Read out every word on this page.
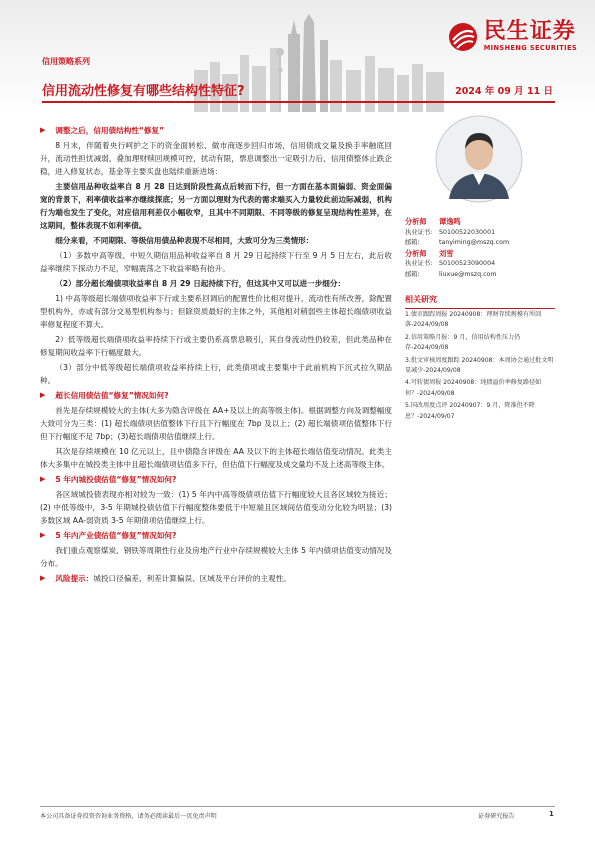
民生证券
MINSHENG SECURITIES
信用策略系列
信用流动性修复有哪些结构性特征?	2024 年 09 月 11 日
▶ 调整之后，信用债结构性“修复”

8 月末，伴随着央行呵护之下的资金面转松、做市商逐步回归市场，信用债成交量及换手率触底回升，流动性担忧减弱，叠加理财赎回规模可控，扰动有限，票息调整出一定吸引力后，信用债整体止跌企稳，进入修复状态，基金等主要买盘也陆续重新进场：

主要信用品种收益率自 8 月 28 日达到阶段性高点后转而下行，但一方面在基本面偏弱、资金面偏宽的背景下，利率债收益率亦继续探底；另一方面以理财为代表的需求端买入力量较此前边际减弱，机构行为端也发生了变化，对应信用利差仅小幅收窄，且其中不同期限、不同等级的修复呈现结构性差异，在这期间，整体表现不如利率债。

细分来看，不同期限、等级信用债品种表现不尽相同，大致可分为三类情形：

（1）多数中高等级、中短久期信用品种收益率自 8 月 29 日起持续下行至 9 月 5 日左右，此后收益率继续下探动力不足，窄幅震荡之下收益率略有抬升。

（2）部分超长端债项收益率自 8 月 29 日起持续下行，但这其中又可以进一步细分：

1) 中高等级超长端债项收益率下行或主要系回调后的配置性价比相对提升，流动性有所改善，除配置型机构外，亦或有部分交易型机构参与；但除资质最好的主体之外，其他相对稍弱些主体超长端债项收益率修复程度不算大。

2）低等级超长端债项收益率持续下行或主要仍系高票息吸引，其自身流动性仍较差，但此类品种在修复期间收益率下行幅度最大。

（3）部分中低等级超长端债项收益率持续上行，此类债项或主要集中于此前机构下沉式拉久期品种。

▶ 超长信用债估值“修复”情况如何?

首先是存续规模较大的主体(大多为隐含评级在 AA+及以上的高等级主体)。根据调整方向及调整幅度大致可分为三类：(1) 超长端债项估值整体下行且下行幅度在 7bp 及以上；(2) 超长端债项估值整体下行但下行幅度不足 7bp；(3)超长端债项估值继续上行。

其次是存续规模在 10 亿元以上，且中债隐含评级在 AA 及以下的主体超长端估值变动情况。此类主体大多集中在城投类主体中且超长端债项估值多下行，但估值下行幅度及成交量均不及上述高等级主体。

▶ 5 年内城投债估值“修复”情况如何?

各区域城投债表现亦相对较为一致：(1) 5 年内中高等级债项估值下行幅度较大且各区域较为接近；(2) 中低等级中，3-5 年期城投债估值下行幅度整体要低于中短端且区域间估值变动分化较为明显；(3) 多数区域 AA-弱资质 3-5 年期债项估值继续上行。

▶ 5 年内产业债估值“修复”情况如何?

我们重点观察煤炭、钢铁等周期性行业及房地产行业中存续规模较大主体 5 年内债项估值变动情况及分布。

▶ 风险提示： 城投口径偏差、利差计算偏误、区域及平台评价的主观性。
分析师	谭逸鸣
执业证书:	S0100522030001
邮箱:	tanyiming@mszq.com
分析师	刘雪
执业证书:	S0100523090004
邮箱:	liuxue@mszq.com
相关研究
1.债市跟踪周报 20240908：理财存续规模有所回落-2024/09/08
2.信用策略月报：9 月，信用结构性压力仍存-2024/09/08
3.批文审核周度跟踪 20240908：本周协会通过批文明显减少-2024/09/08
4.可转债周报 20240908：纯债溢价率修复路径如何？-2024/09/08
5.国改周度点评 20240907：9 月，降准但不降息？-2024/09/07
本公司具备证券投资咨询业务资格，请务必阅读最后一页免责声明	证券研究报告	1
